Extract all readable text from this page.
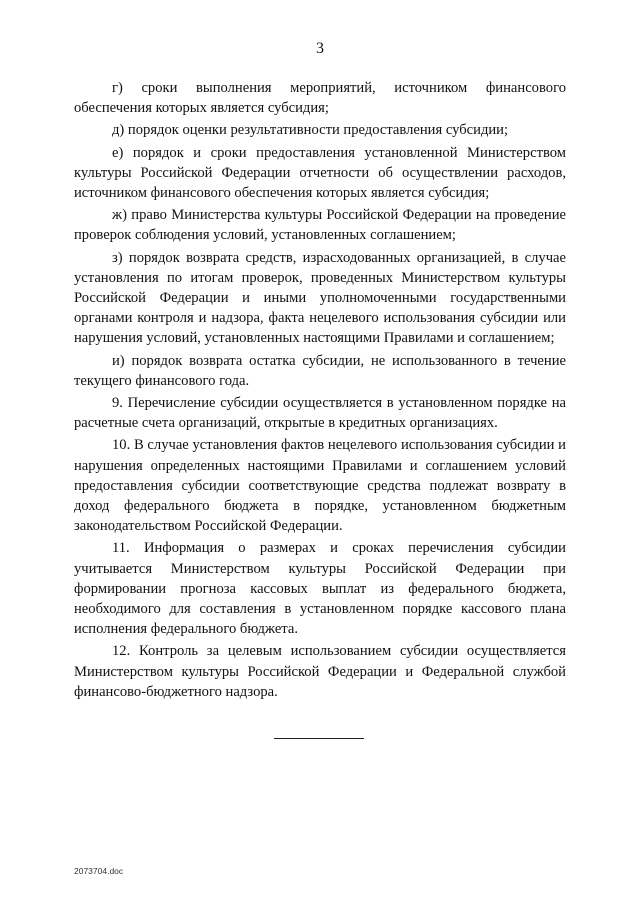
3

г) сроки выполнения мероприятий, источником финансового обеспечения которых является субсидия;

д) порядок оценки результативности предоставления субсидии;

е) порядок и сроки предоставления установленной Министерством культуры Российской Федерации отчетности об осуществлении расходов, источником финансового обеспечения которых является субсидия;

ж) право Министерства культуры Российской Федерации на проведение проверок соблюдения условий, установленных соглашением;

з) порядок возврата средств, израсходованных организацией, в случае установления по итогам проверок, проведенных Министерством культуры Российской Федерации и иными уполномоченными государственными органами контроля и надзора, факта нецелевого использования субсидии или нарушения условий, установленных настоящими Правилами и соглашением;

и) порядок возврата остатка субсидии, не использованного в течение текущего финансового года.

9. Перечисление субсидии осуществляется в установленном порядке на расчетные счета организаций, открытые в кредитных организациях.

10. В случае установления фактов нецелевого использования субсидии и нарушения определенных настоящими Правилами и соглашением условий предоставления субсидии соответствующие средства подлежат возврату в доход федерального бюджета в порядке, установленном бюджетным законодательством Российской Федерации.

11. Информация о размерах и сроках перечисления субсидии учитывается Министерством культуры Российской Федерации при формировании прогноза кассовых выплат из федерального бюджета, необходимого для составления в установленном порядке кассового плана исполнения федерального бюджета.

12. Контроль за целевым использованием субсидии осуществляется Министерством культуры Российской Федерации и Федеральной службой финансово-бюджетного надзора.

2073704.doc
